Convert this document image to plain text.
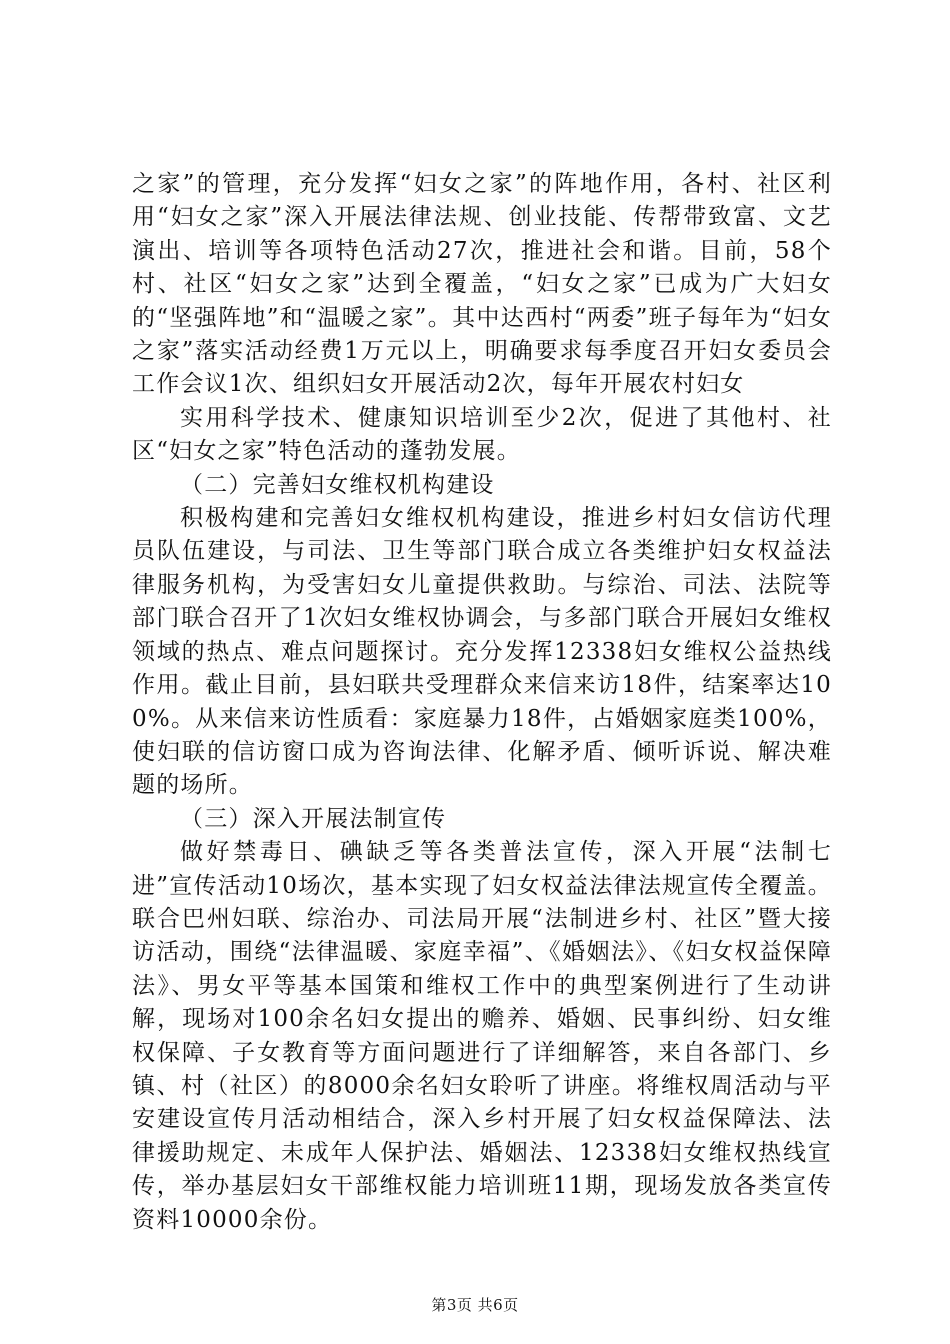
之家”的管理，充分发挥“妇女之家”的阵地作用，各村、社区利用“妇女之家”深入开展法律法规、创业技能、传帮带致富、文艺演出、培训等各项特色活动27次，推进社会和谐。目前，58个村、社区“妇女之家”达到全覆盖，“妇女之家”已成为广大妇女的“坚强阵地”和“温暖之家”。其中达西村“两委”班子每年为“妇女之家”落实活动经费1万元以上，明确要求每季度召开妇女委员会工作会议1次、组织妇女开展活动2次，每年开展农村妇女

实用科学技术、健康知识培训至少2次，促进了其他村、社区“妇女之家”特色活动的蓬勃发展。

（二）完善妇女维权机构建设

积极构建和完善妇女维权机构建设，推进乡村妇女信访代理员队伍建设，与司法、卫生等部门联合成立各类维护妇女权益法律服务机构，为受害妇女儿童提供救助。与综治、司法、法院等部门联合召开了1次妇女维权协调会，与多部门联合开展妇女维权领域的热点、难点问题探讨。充分发挥12338妇女维权公益热线作用。截止目前，县妇联共受理群众来信来访18件，结案率达100%。从来信来访性质看：家庭暴力18件，占婚姻家庭类100%，使妇联的信访窗口成为咨询法律、化解矛盾、倾听诉说、解决难题的场所。

（三）深入开展法制宣传

做好禁毒日、碘缺乏等各类普法宣传，深入开展“法制七进”宣传活动10场次，基本实现了妇女权益法律法规宣传全覆盖。联合巴州妇联、综治办、司法局开展“法制进乡村、社区”暨大接访活动，围绕“法律温暖、家庭幸福”、《婚姻法》、《妇女权益保障法》、男女平等基本国策和维权工作中的典型案例进行了生动讲解，现场对100余名妇女提出的赡养、婚姻、民事纠纷、妇女维权保障、子女教育等方面问题进行了详细解答，来自各部门、乡镇、村（社区）的8000余名妇女聆听了讲座。将维权周活动与平安建设宣传月活动相结合，深入乡村开展了妇女权益保障法、法律援助规定、未成年人保护法、婚姻法、12338妇女维权热线宣传，举办基层妇女干部维权能力培训班11期，现场发放各类宣传资料10000余份。

第3页 共6页
